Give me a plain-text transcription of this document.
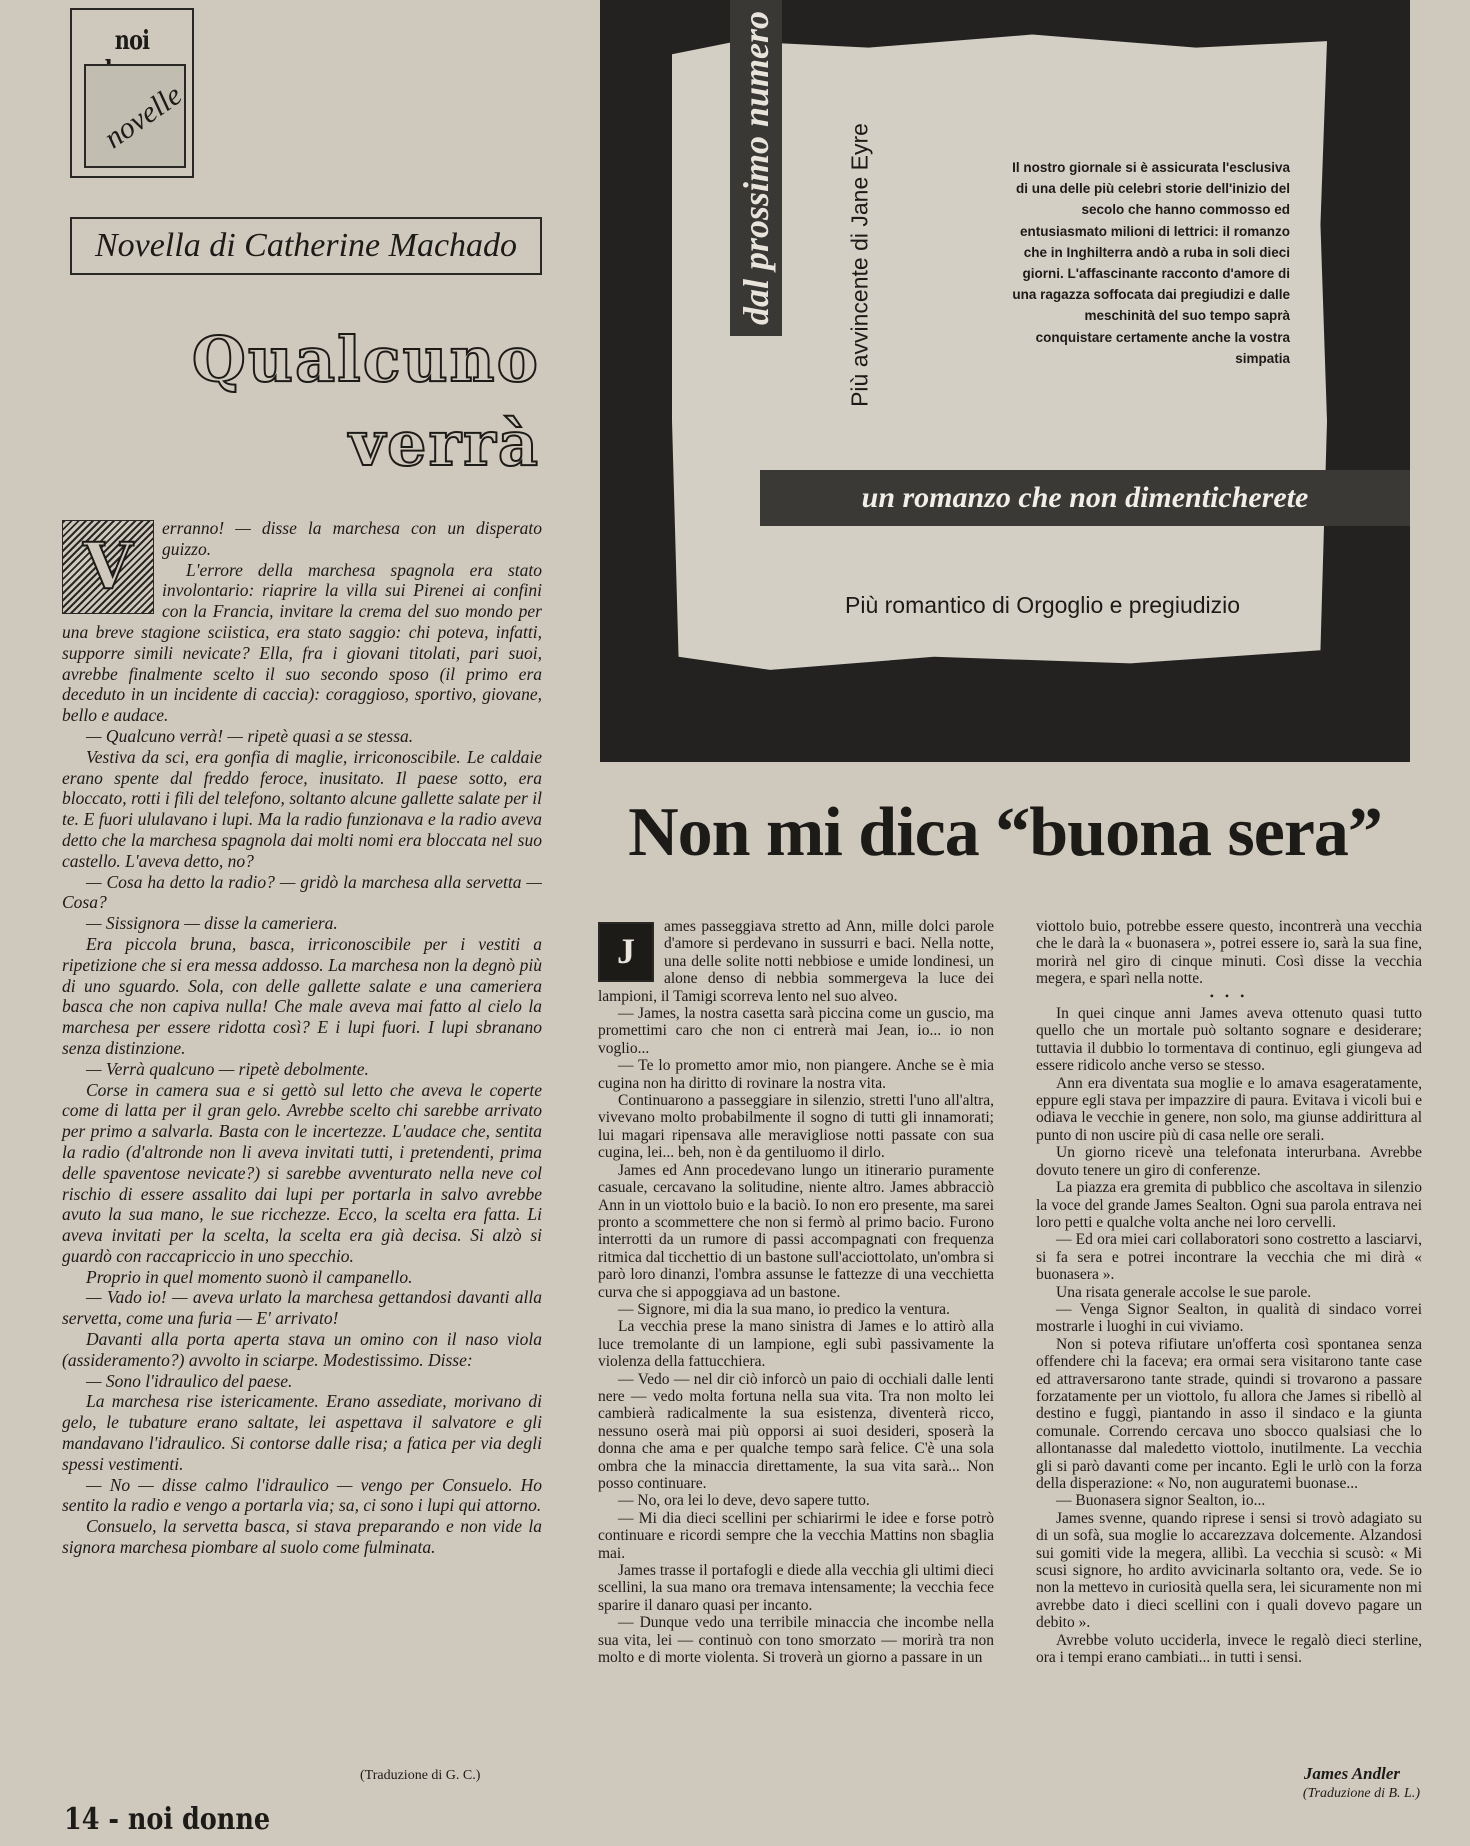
noi
novelle
Novella di Catherine Machado
Qualcuno
verrà
V

errannо! — disse la marchesa con un disperato guizzo.

L'errore della marchesa spagnola era stato involontario: riaprire la villa sui Pirenei ai confini con la Francia, invitare la crema del suo mondo per una breve stagione sciistica, era stato saggio: chi poteva, infatti, supporre simili nevicate? Ella, fra i giovani titolati, pari suoi, avrebbe finalmente scelto il suo secondo sposo (il primo era deceduto in un incidente di caccia): coraggioso, sportivo, giovane, bello e audace.

— Qualcuno verrà! — ripetè quasi a se stessa.

Vestiva da sci, era gonfia di maglie, irriconoscibile. Le caldaie erano spente dal freddo feroce, inusitato. Il paese sotto, era bloccato, rotti i fili del telefono, soltanto alcune gallette salate per il te. E fuori ululavano i lupi. Ma la radio funzionava e la radio aveva detto che la marchesa spagnola dai molti nomi era bloccata nel suo castello. L'aveva detto, no?

— Cosa ha detto la radio? — gridò la marchesa alla servetta — Cosa?

— Sissignora — disse la cameriera.

Era piccola bruna, basca, irriconoscibile per i vestiti a ripetizione che si era messa addosso. La marchesa non la degnò più di uno sguardo. Sola, con delle gallette salate e una cameriera basca che non capiva nulla! Che male aveva mai fatto al cielo la marchesa per essere ridotta così? E i lupi fuori. I lupi sbranano senza distinzione.

— Verrà qualcuno — ripetè debolmente.

Corse in camera sua e si gettò sul letto che aveva le coperte come di latta per il gran gelo. Avrebbe scelto chi sarebbe arrivato per primo a salvarla. Basta con le incertezze. L'audace che, sentita la radio (d'altronde non li aveva invitati tutti, i pretendenti, prima delle spaventose nevicate?) si sarebbe avventurato nella neve col rischio di essere assalito dai lupi per portarla in salvo avrebbe avuto la sua mano, le sue ricchezze. Ecco, la scelta era fatta. Li aveva invitati per la scelta, la scelta era già decisa. Si alzò si guardò con raccapriccio in uno specchio.

Proprio in quel momento suonò il campanello.

— Vado io! — aveva urlato la marchesa gettandosi davanti alla servetta, come una furia — E' arrivato!

Davanti alla porta aperta stava un omino con il naso viola (assideramento?) avvolto in sciarpe. Modestissimo. Disse:

— Sono l'idraulico del paese.

La marchesa rise istericamente. Erano assediate, morivano di gelo, le tubature erano saltate, lei aspettava il salvatore e gli mandavano l'idraulico. Si contorse dalle risa; a fatica per via degli spessi vestimenti.

— No — disse calmo l'idraulico — vengo per Consuelo. Ho sentito la radio e vengo a portarla via; sa, ci sono i lupi qui attorno.

Consuelo, la servetta basca, si stava preparando e non vide la signora marchesa piombare al suolo come fulminata.

(Traduzione di G. C.)
14 - noi donne
dal prossimo numero	Più avvincente di Jane Eyre	Il nostro giornale si è assicurata l'esclusiva di una delle più celebri storie dell'inizio del secolo che hanno commosso ed entusiasmato milioni di lettrici: il romanzo che in Inghilterra andò a ruba in soli dieci giorni. L'affascinante racconto d'amore di una ragazza soffocata dai pregiudizi e dalle meschinità del suo tempo saprà conquistare certamente anche la vostra simpatia
un romanzo che non dimenticherete
Più romantico di Orgoglio e pregiudizio
Non mi dica “buona sera”
J

ames passeggiava stretto ad Ann, mille dolci parole d'amore si perdevano in sussurri e baci. Nella notte, una delle solite notti nebbiose e umide londinesi, un alone denso di nebbia sommergeva la luce dei lampioni, il Tamigi scorreva lento nel suo alveo.

— James, la nostra casetta sarà piccina come un guscio, ma promettimi caro che non ci entrerà mai Jean, io... io non voglio...

— Te lo prometto amor mio, non piangere. Anche se è mia cugina non ha diritto di rovinare la nostra vita.

Continuarono a passeggiare in silenzio, stretti l'uno all'altra, vivevano molto probabilmente il sogno di tutti gli innamorati; lui magari ripensava alle meravigliose notti passate con sua cugina, lei... beh, non è da gentiluomo il dirlo.

James ed Ann procedevano lungo un itinerario puramente casuale, cercavano la solitudine, niente altro. James abbracciò Ann in un viottolo buio e la baciò. Io non ero presente, ma sarei pronto a scommettere che non si fermò al primo bacio. Furono interrotti da un rumore di passi accompagnati con frequenza ritmica dal ticchettio di un bastone sull'acciottolato, un'ombra si parò loro dinanzi, l'ombra assunse le fattezze di una vecchietta curva che si appoggiava ad un bastone.

— Signore, mi dia la sua mano, io predico la ventura.

La vecchia prese la mano sinistra di James e lo attirò alla luce tremolante di un lampione, egli subì passivamente la violenza della fattucchiera.

— Vedo — nel dir ciò inforcò un paio di occhiali dalle lenti nere — vedo molta fortuna nella sua vita. Tra non molto lei cambierà radicalmente la sua esistenza, diventerà ricco, nessuno oserà mai più opporsi ai suoi desideri, sposerà la donna che ama e per qualche tempo sarà felice. C'è una sola ombra che la minaccia direttamente, la sua vita sarà... Non posso continuare.

— No, ora lei lo deve, devo sapere tutto.

— Mi dia dieci scellini per schiarirmi le idee e forse potrò continuare e ricordi sempre che la vecchia Mattins non sbaglia mai.

James trasse il portafogli e diede alla vecchia gli ultimi dieci scellini, la sua mano ora tremava intensamente; la vecchia fece sparire il danaro quasi per incanto.

— Dunque vedo una terribile minaccia che incombe nella sua vita, lei — continuò con tono smorzato — morirà tra non molto e di morte violenta. Si troverà un giorno a passare in un

viottolo buio, potrebbe essere questo, incontrerà una vecchia che le darà la « buonasera », potrei essere io, sarà la sua fine, morirà nel giro di cinque minuti. Così disse la vecchia megera, e sparì nella notte.

• • •

In quei cinque anni James aveva ottenuto quasi tutto quello che un mortale può soltanto sognare e desiderare; tuttavia il dubbio lo tormentava di continuo, egli giungeva ad essere ridicolo anche verso se stesso.

Ann era diventata sua moglie e lo amava esageratamente, eppure egli stava per impazzire di paura. Evitava i vicoli bui e odiava le vecchie in genere, non solo, ma giunse addirittura al punto di non uscire più di casa nelle ore serali.

Un giorno ricevè una telefonata interurbana. Avrebbe dovuto tenere un giro di conferenze.

La piazza era gremita di pubblico che ascoltava in silenzio la voce del grande James Sealton. Ogni sua parola entrava nei loro petti e qualche volta anche nei loro cervelli.

— Ed ora miei cari collaboratori sono costretto a lasciarvi, si fa sera e potrei incontrare la vecchia che mi dirà « buonasera ».

Una risata generale accolse le sue parole.

— Venga Signor Sealton, in qualità di sindaco vorrei mostrarle i luoghi in cui viviamo.

Non si poteva rifiutare un'offerta così spontanea senza offendere chi la faceva; era ormai sera visitarono tante case ed attraversarono tante strade, quindi si trovarono a passare forzatamente per un viottolo, fu allora che James si ribellò al destino e fuggì, piantando in asso il sindaco e la giunta comunale. Correndo cercava uno sbocco qualsiasi che lo allontanasse dal maledetto viottolo, inutilmente. La vecchia gli si parò davanti come per incanto. Egli le urlò con la forza della disperazione: « No, non auguratemi buonasе...

— Buonasera signor Sealton, io...

James svenne, quando riprese i sensi si trovò adagiato su di un sofà, sua moglie lo accarezzava dolcemente. Alzandosi sui gomiti vide la megera, allibì. La vecchia si scusò: « Mi scusi signore, ho ardito avvicinarla soltanto ora, vede. Se io non la mettevo in curiosità quella sera, lei sicuramente non mi avrebbe dato i dieci scellini con i quali dovevo pagare un debito ».

Avrebbe voluto ucciderla, invece le regalò dieci sterline, ora i tempi erano cambiati... in tutti i sensi.

James Andler
(Traduzione di B. L.)
